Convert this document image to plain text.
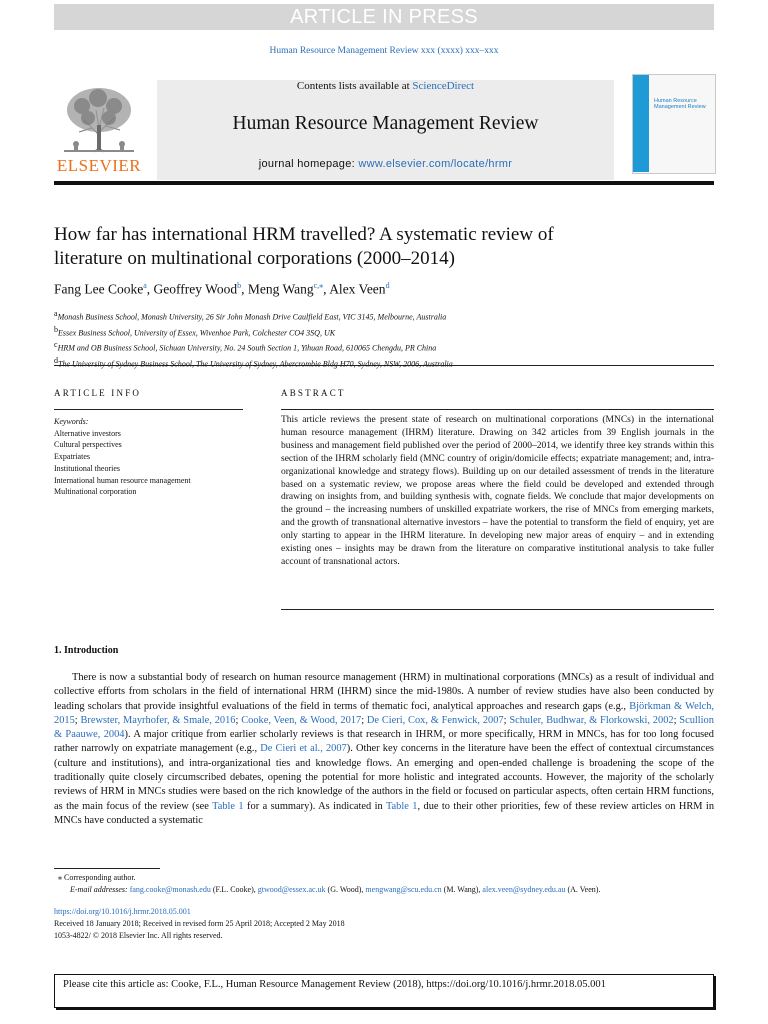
ARTICLE IN PRESS
Human Resource Management Review xxx (xxxx) xxx–xxx
ELSEVIER
Contents lists available at ScienceDirect
Human Resource Management Review
journal homepage: www.elsevier.com/locate/hrmr
Human Resource Management Review
How far has international HRM travelled? A systematic review of
literature on multinational corporations (2000–2014)
Fang Lee Cooke$^a$, Geoffrey Wood$^b$, Meng Wang$^{c,⁎}$, Alex Veen$^d$
$^a$Monash Business School, Monash University, 26 Sir John Monash Drive Caulfield East, VIC 3145, Melbourne, Australia
$^b$Essex Business School, University of Essex, Wivenhoe Park, Colchester CO4 3SQ, UK
$^c$HRM and OB Business School, Sichuan University, No. 24 South Section 1, Yihuan Road, 610065 Chengdu, PR China
$^d$
ARTICLE INFO	ABSTRACT
Keywords:
Alternative investors
Cultural perspectives
Expatriates
Institutional theories
International human resource management
Multinational corporation
This article reviews the present state of research on multinational corporations (MNCs) in the international human resource management (IHRM) literature. Drawing on 342 articles from 39 English journals in the business and management field published over the period of 2000–2014, we identify three key strands within this section of the IHRM scholarly field (MNC country of origin/domicile effects; expatriate management; and, intra-organizational knowledge and strategy flows). Building up on our detailed assessment of trends in the literature based on a systematic review, we propose areas where the field could be developed and extended through drawing on insights from, and building synthesis with, cognate fields. We conclude that major developments on the ground – the increasing numbers of unskilled expatriate workers, the rise of MNCs from emerging markets, and the growth of transnational alternative investors – have the potential to transform the field of enquiry, yet are only starting to appear in the IHRM literature. In developing new major areas of enquiry – and in extending existing ones – insights may be drawn from the literature on comparative institutional analysis to take fuller account of transnational actors.
1. Introduction
There is now a substantial body of research on human resource management (HRM) in multinational corporations (MNCs) as a result of individual and collective efforts from scholars in the field of international HRM (IHRM) since the mid-1980s. A number of review studies have also been conducted by leading scholars that provide insightful evaluations of the field in terms of thematic foci, analytical approaches and research gaps (e.g., Björkman & Welch, 2015; Brewster, Mayrhofer, & Smale, 2016; Cooke, Veen, & Wood, 2017; De Cieri, Cox, & Fenwick, 2007; Schuler, Budhwar, & Florkowski, 2002; Scullion & Paauwe, 2004). A major critique from earlier scholarly reviews is that research in IHRM, or more specifically, HRM in MNCs, has for too long focused rather narrowly on expatriate management (e.g., De Cieri et al., 2007). Other key concerns in the literature have been the effect of contextual circumstances (culture and institutions), and intra-organizational ties and knowledge flows. An emerging and open-ended challenge is broadening the scope of the traditionally quite closely circumscribed debates, opening the potential for more holistic and integrated accounts. However, the majority of the scholarly reviews of HRM in MNCs studies were based on the rich knowledge of the authors in the field or focused on particular aspects, often certain HRM functions, as the main focus of the review (see Table 1 for a summary). As indicated in Table 1, due to their other priorities, few of these review articles on HRM in MNCs have conducted a systematic
⁎ Corresponding author.
E-mail addresses: fang.cooke@monash.edu (F.L. Cooke), gtwood@essex.ac.uk (G. Wood), mengwang@scu.edu.cn (M. Wang), alex.veen@sydney.edu.au (A. Veen).
https://doi.org/10.1016/j.hrmr.2018.05.001
Received 18 January 2018; Received in revised form 25 April 2018; Accepted 2 May 2018
1053-4822/ © 2018 Elsevier Inc. All rights reserved.
Please cite this article as: Cooke, F.L., Human Resource Management Review (2018), https://doi.org/10.1016/j.hrmr.2018.05.001
